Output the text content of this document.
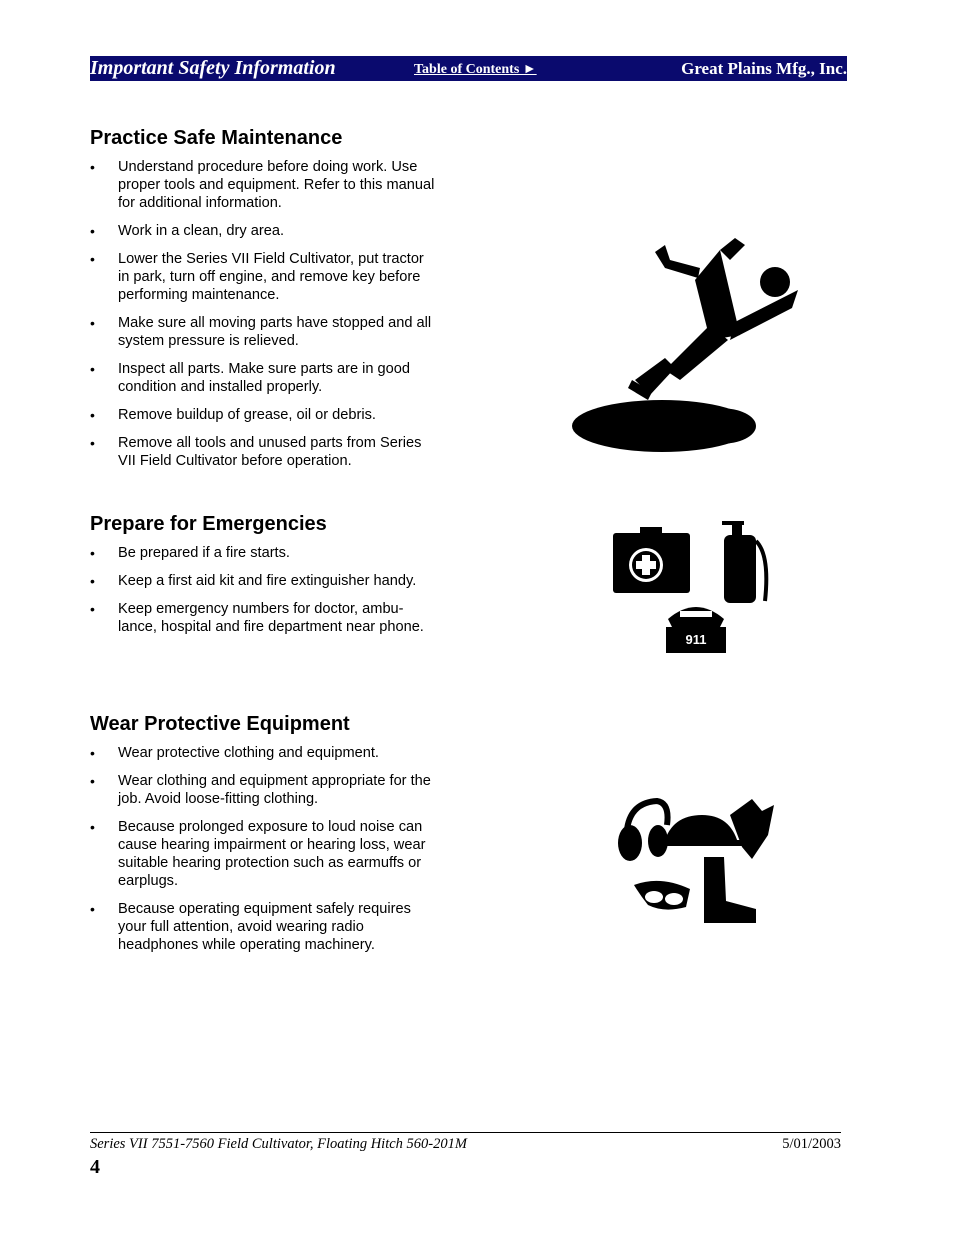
Important Safety Information	Table of Contents ►	Great Plains Mfg., Inc.
Practice Safe Maintenance
• Understand procedure before doing work. Use proper tools and equipment. Refer to this manual for additional information.
• Work in a clean, dry area.
• Lower the Series VII Field Cultivator, put tractor in park, turn off engine, and remove key before performing maintenance.
• Make sure all moving parts have stopped and all system pressure is relieved.
• Inspect all parts. Make sure parts are in good condition and installed properly.
• Remove buildup of grease, oil or debris.
• Remove all tools and unused parts from Series VII Field Cultivator before operation.
Prepare for Emergencies
• Be prepared if a fire starts.
• Keep a first aid kit and fire extinguisher handy.
• Keep emergency numbers for doctor, ambu-lance, hospital and fire department near phone.
Wear Protective Equipment
• Wear protective clothing and equipment.
• Wear clothing and equipment appropriate for the job. Avoid loose-fitting clothing.
• Because prolonged exposure to loud noise can cause hearing impairment or hearing loss, wear suitable hearing protection such as earmuffs or earplugs.
• Because operating equipment safely requires your full attention, avoid wearing radio headphones while operating machinery.
911
Series VII 7551-7560 Field Cultivator, Floating Hitch 560-201M	5/01/2003
4
